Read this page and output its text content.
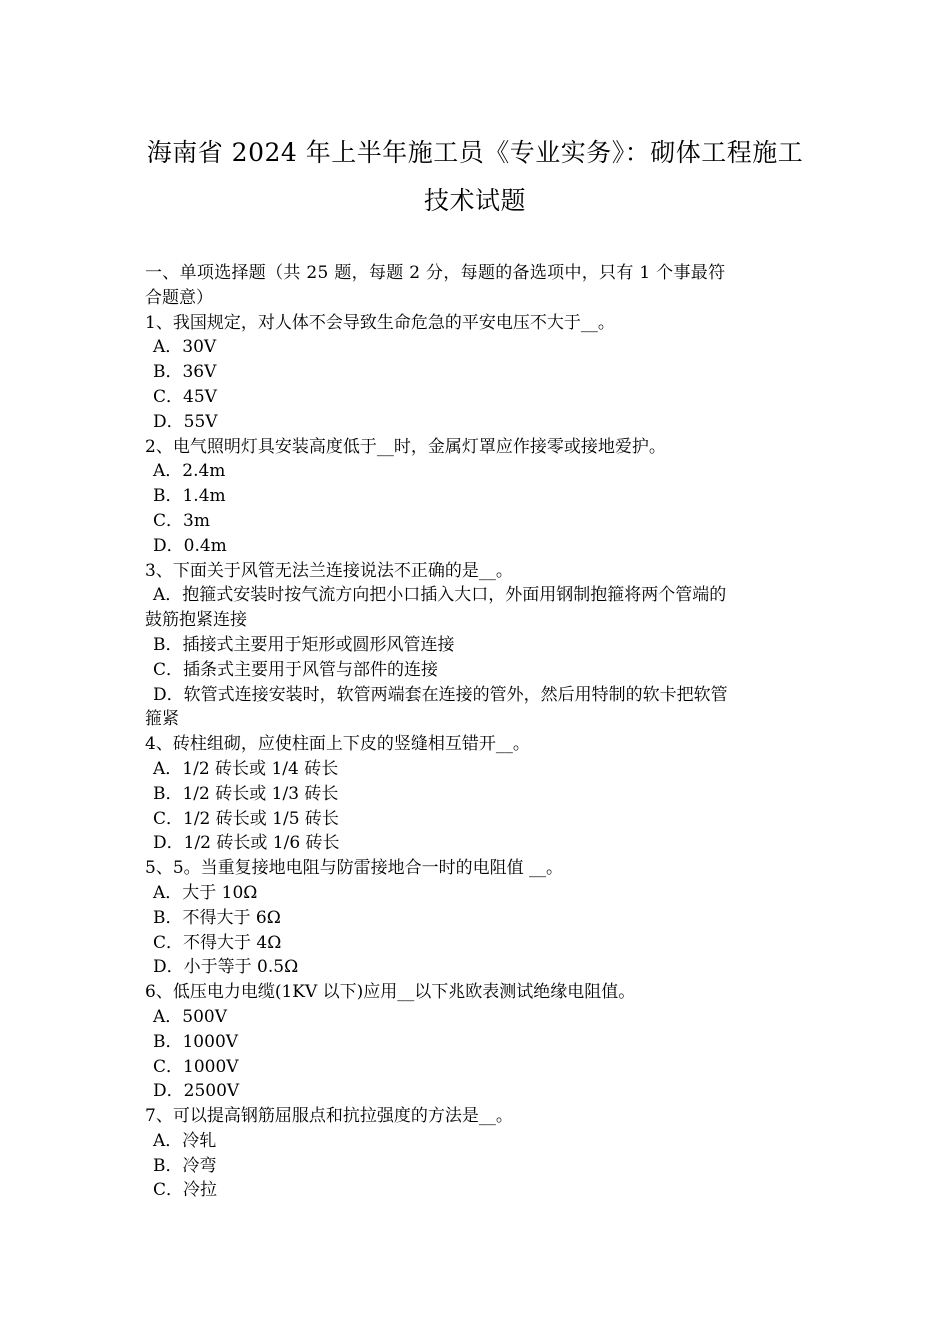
海南省 2024 年上半年施工员《专业实务》：砌体工程施工
技术试题

一、单项选择题（共 25 题，每题 2 分，每题的备选项中，只有 1 个事最符

合题意）

1、我国规定，对人体不会导致生命危急的平安电压不大于__。

A．30V

B．36V

C．45V

D．55V

2、电气照明灯具安装高度低于__时，金属灯罩应作接零或接地爱护。

A．2.4m

B．1.4m

C．3m

D．0.4m

3、下面关于风管无法兰连接说法不正确的是__。

A．抱箍式安装时按气流方向把小口插入大口，外面用钢制抱箍将两个管端的

鼓筋抱紧连接

B．插接式主要用于矩形或圆形风管连接

C．插条式主要用于风管与部件的连接

D．软管式连接安装时，软管两端套在连接的管外，然后用特制的软卡把软管

箍紧

4、砖柱组砌，应使柱面上下皮的竖缝相互错开__。

A．1/2 砖长或 1/4 砖长

B．1/2 砖长或 1/3 砖长

C．1/2 砖长或 1/5 砖长

D．1/2 砖长或 1/6 砖长

5、5。当重复接地电阻与防雷接地合一时的电阻值 __。

A．大于 10Ω

B．不得大于 6Ω

C．不得大于 4Ω

D．小于等于 0.5Ω

6、低压电力电缆(1KV 以下)应用__以下兆欧表测试绝缘电阻值。

A．500V

B．1000V

C．1000V

D．2500V

7、可以提高钢筋屈服点和抗拉强度的方法是__。

A．冷轧

B．冷弯

C．冷拉
